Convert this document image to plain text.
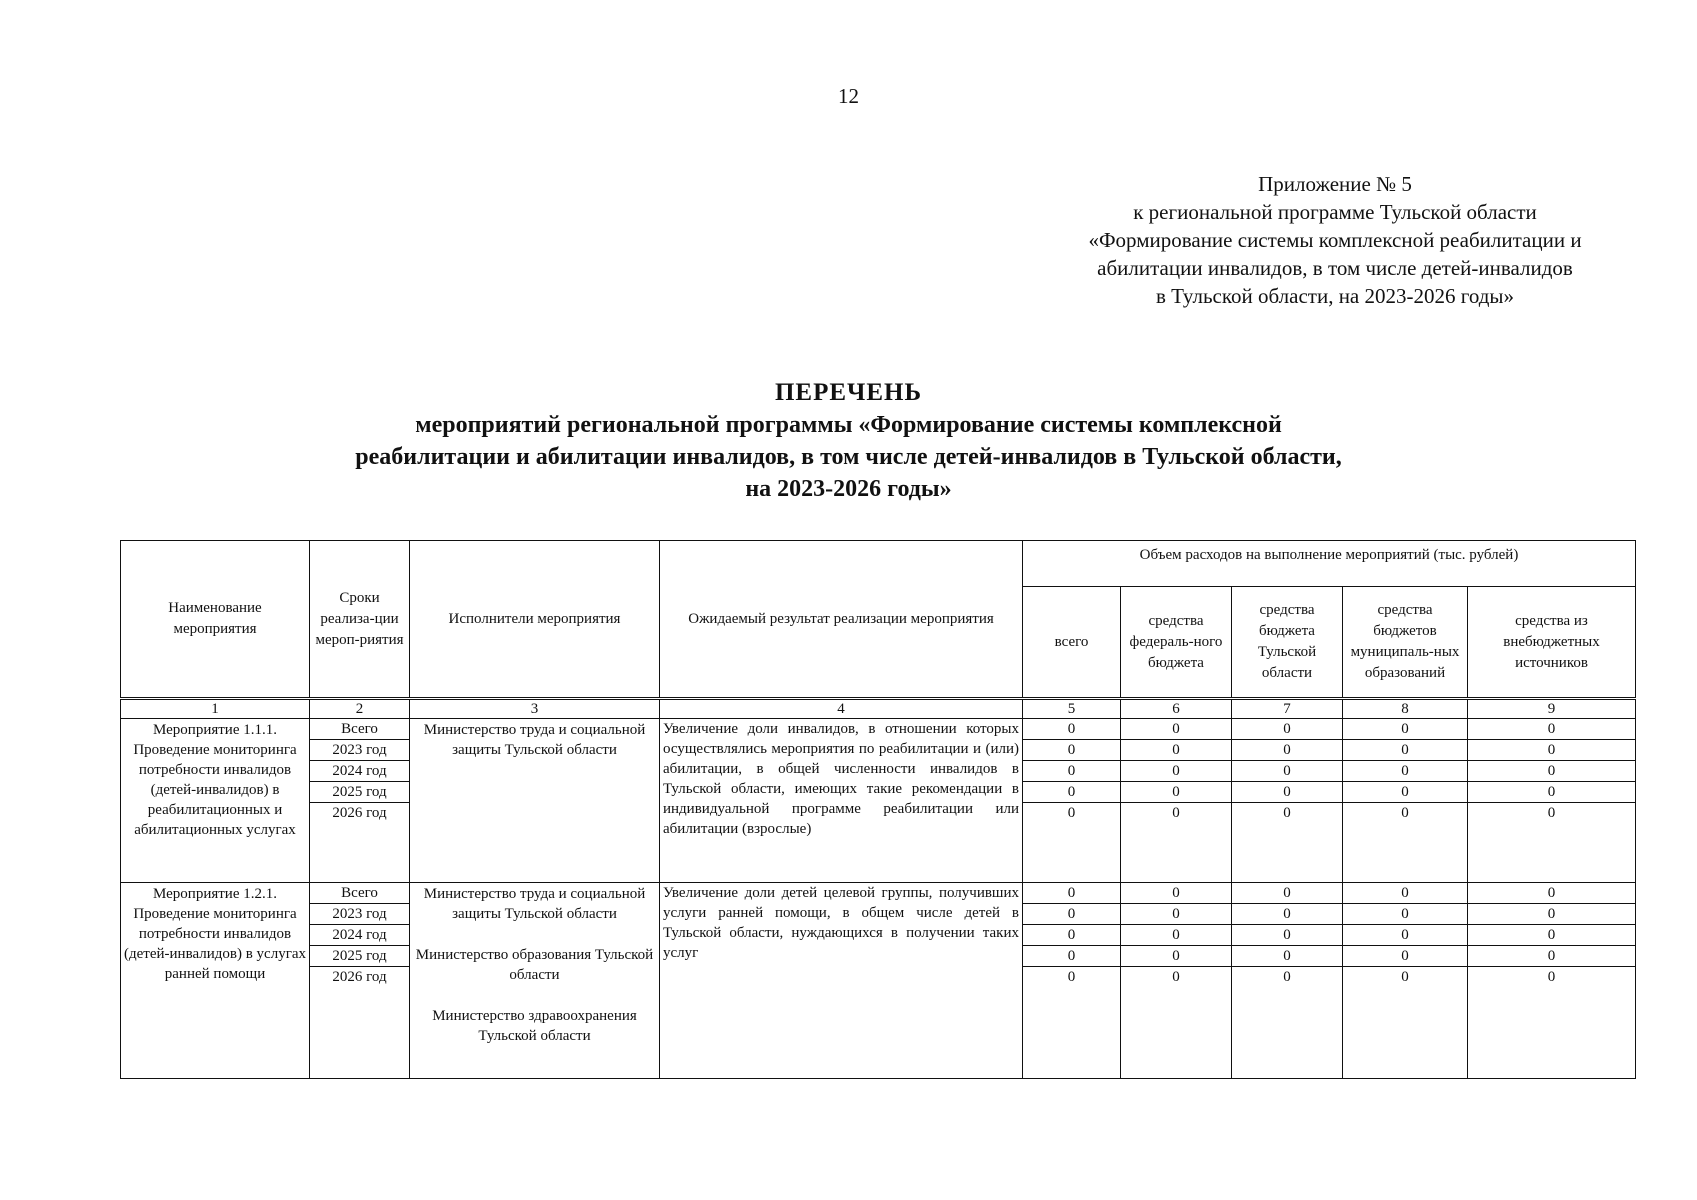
12
Приложение № 5
к региональной программе Тульской области
«Формирование системы комплексной реабилитации и
абилитации инвалидов, в том числе детей-инвалидов
в Тульской области, на 2023-2026 годы»
ПЕРЕЧЕНЬ
мероприятий региональной программы «Формирование системы комплексной
реабилитации и абилитации инвалидов, в том числе детей-инвалидов в Тульской области,
на 2023-2026 годы»
Наименование мероприятия	Сроки реализа-ции мероп-риятия	Исполнители мероприятия	Ожидаемый результат реализации мероприятия	Объем расходов на выполнение мероприятий (тыс. рублей)				
				всего	средства федераль-ного бюджета	средства бюджета Тульской области	средства бюджетов муниципаль-ных образований	средства из внебюджетных источников
1	2	3	4	5	6	7	8	9
Мероприятие 1.1.1. Проведение мониторинга потребности инвалидов (детей-инвалидов) в реабилитационных и абилитационных услугах	Всего	Министерство труда и социальной защиты Тульской области	Увеличение доли инвалидов, в отношении которых осуществлялись мероприятия по реабилитации и (или) абилитации, в общей численности инвалидов в Тульской области, имеющих такие рекомендации в индивидуальной программе реабилитации или абилитации (взрослые)	0	0	0	0	0
	2023 год			0	0	0	0	0
	2024 год			0	0	0	0	0
	2025 год			0	0	0	0	0
	2026 год			0	0	0	0	0
Мероприятие 1.2.1. Проведение мониторинга потребности инвалидов (детей-инвалидов) в услугах ранней помощи	Всего	Министерство труда и социальной защиты Тульской области
Министерство образования Тульской области
Министерство здравоохранения Тульской области	Увеличение доли детей целевой группы, получивших услуги ранней помощи, в общем числе детей в Тульской области, нуждающихся в получении таких услуг	0	0	0	0	0
	2023 год			0	0	0	0	0
	2024 год			0	0	0	0	0
	2025 год			0	0	0	0	0
	2026 год			0	0	0	0	0
